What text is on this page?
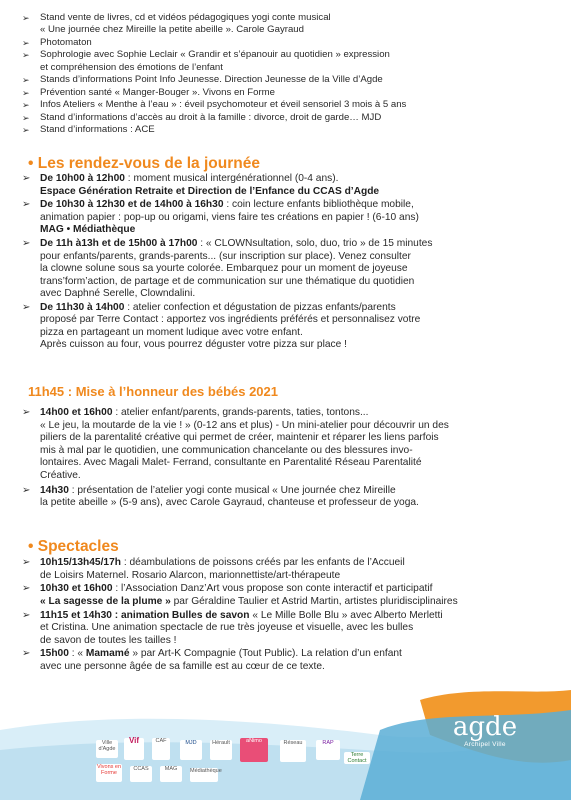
➢ Stand vente de livres, cd et vidéos pédagogiques yogi conte musical
« Une journée chez Mireille la petite abeille ». Carole Gayraud
➢ Photomaton
➢ Sophrologie avec Sophie Leclair « Grandir et s’épanouir au quotidien » expression
et compréhension des émotions de l’enfant
➢ Stands d’informations Point Info Jeunesse. Direction Jeunesse de la Ville d’Agde
➢ Prévention santé « Manger-Bouger ». Vivons en Forme
➢ Infos Ateliers « Menthe à l’eau » : éveil psychomoteur et éveil sensoriel 3 mois à 5 ans
➢ Stand d’informations d’accès au droit à la famille : divorce, droit de garde… MJD
➢ Stand d’informations : ACE
• Les rendez-vous de la journée
➢ De 10h00 à 12h00 : moment musical intergénérationnel (0-4 ans).
Espace Génération Retraite et Direction de l’Enfance du CCAS d’Agde
➢ De 10h30 à 12h30 et de 14h00 à 16h30 : coin lecture enfants bibliothèque mobile,
animation papier : pop-up ou origami, viens faire tes créations en papier ! (6-10 ans)
MAG • Médiathèque
➢ De 11h à13h et de 15h00 à 17h00 : « CLOWNsultation, solo, duo, trio » de 15 minutes
pour enfants/parents, grands-parents... (sur inscription sur place). Venez consulter
la clowne solune sous sa yourte colorée. Embarquez pour un moment de joyeuse
trans’form’action, de partage et de communication sur une thématique du quotidien
avec Daphné Serelle, Clowndalini.
➢ De 11h30 à 14h00 : atelier confection et dégustation de pizzas enfants/parents
proposé par Terre Contact : apportez vos ingrédients préférés et personnalisez votre
pizza en partageant un moment ludique avec votre enfant.
Après cuisson au four, vous pourrez déguster votre pizza sur place !
11h45 : Mise à l’honneur des bébés 2021
➢ 14h00 et 16h00 : atelier enfant/parents, grands-parents, taties, tontons...
« Le jeu, la moutarde de la vie ! » (0-12 ans et plus) - Un mini-atelier pour découvrir un des
piliers de la parentalité créative qui permet de créer, maintenir et réparer les liens parfois
mis à mal par le quotidien, une communication chancelante ou des blessures invo-
lontaires. Avec Magali Malet- Ferrand, consultante en Parentalité Réseau Parentalité
Créative.
➢ 14h30 : présentation de l’atelier yogi conte musical « Une journée chez Mireille
la petite abeille » (5-9 ans), avec Carole Gayraud, chanteuse et professeur de yoga.
• Spectacles
➢ 10h15/13h45/17h : déambulations de poissons créés par les enfants de l’Accueil
de Loisirs Maternel. Rosario Alarcon, marionnettiste/art-thérapeute
➢ 10h30 et 16h00 : l’Association Danz’Art vous propose son conte interactif et participatif
« La sagesse de la plume » par Géraldine Taulier et Astrid Martin, artistes pluridisciplinaires
➢ 11h15 et 14h30 : animation Bulles de savon « Le Mille Bolle Blu » avec Alberto Merletti
et Cristina. Une animation spectacle de rue très joyeuse et visuelle, avec les bulles
de savon de toutes les tailles !
➢ 15h00 : « Mamamé » par Art-K Compagnie (Tout Public). La relation d’un enfant
avec une personne âgée de sa famille est au cœur de ce texte.
agde
Archipel Ville
Ville d'Agde
Vif	CAF	MJD	Hérault	aNimo	Réseau	RAP
Terre Contact
Vivons en Forme
CCAS	MAG	Médiathèque
